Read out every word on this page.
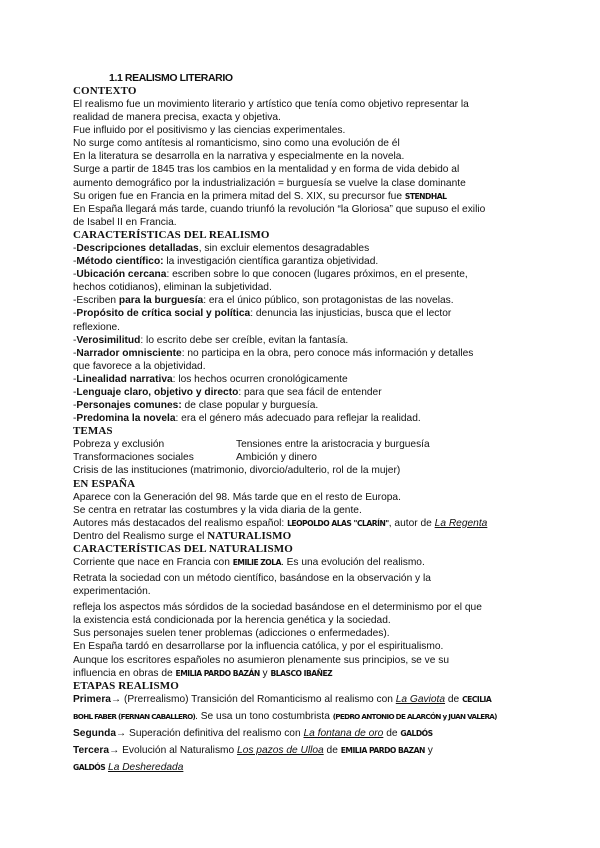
1.1 REALISMO LITERARIO
CONTEXTO

El realismo fue un movimiento literario y artístico que tenía como objetivo representar la

realidad de manera precisa, exacta y objetiva.

Fue influido por el positivismo y las ciencias experimentales.

No surge como antítesis al romanticismo, sino como una evolución de él

En la literatura se desarrolla en la narrativa y especialmente en la novela.

Surge a partir de 1845 tras los cambios en la mentalidad y en forma de vida debido al

aumento demográfico por la industrialización = burguesía se vuelve la clase dominante

Su origen fue en Francia en la primera mitad del S. XIX, su precursor fue STENDHAL

En España llegará más tarde, cuando triunfó la revolución “la Gloriosa” que supuso el exilio

de Isabel II en Francia.

CARACTERÍSTICAS DEL REALISMO

-Descripciones detalladas, sin excluir elementos desagradables

-Método científico: la investigación científica garantiza objetividad.

-Ubicación cercana: escriben sobre lo que conocen (lugares próximos, en el presente,

hechos cotidianos), eliminan la subjetividad.

-Escriben para la burguesía: era el único público, son protagonistas de las novelas.

-Propósito de crítica social y política: denuncia las injusticias, busca que el lector

reflexione.

-Verosimilitud: lo escrito debe ser creíble, evitan la fantasía.

-Narrador omnisciente: no participa en la obra, pero conoce más información y detalles

que favorece a la objetividad.

-Linealidad narrativa: los hechos ocurren cronológicamente

-Lenguaje claro, objetivo y directo: para que sea fácil de entender

-Personajes comunes: de clase popular y burguesía.

-Predomina la novela: era el género más adecuado para reflejar la realidad.

TEMAS
Pobreza y exclusión	Tensiones entre la aristocracia y burguesía
Transformaciones sociales	Ambición y dinero

Crisis de las instituciones (matrimonio, divorcio/adulterio, rol de la mujer)

EN ESPAÑA

Aparece con la Generación del 98. Más tarde que en el resto de Europa.

Se centra en retratar las costumbres y la vida diaria de la gente.

Autores más destacados del realismo español: LEOPOLDO ALAS "CLARÍN", autor de La Regenta

Dentro del Realismo surge el NATURALISMO

CARACTERÍSTICAS DEL NATURALISMO

Corriente que nace en Francia con EMILIE ZOLA. Es una evolución del realismo.

Retrata la sociedad con un método científico, basándose en la observación y la

experimentación.

refleja los aspectos más sórdidos de la sociedad basándose en el determinismo por el que

la existencia está condicionada por la herencia genética y la sociedad.

Sus personajes suelen tener problemas (adicciones o enfermedades).

En España tardó en desarrollarse por la influencia católica, y por el espiritualismo.

Aunque los escritores españoles no asumieron plenamente sus principios, se ve su

influencia en obras de EMILIA PARDO BAZÁN y BLASCO IBAÑEZ

ETAPAS REALISMO

Primera→ (Prerrealismo) Transición del Romanticismo al realismo con La Gaviota de CECILIA

BOHL FABER (FERNAN CABALLERO). Se usa un tono costumbrista (PEDRO ANTONIO DE ALARCÓN y JUAN VALERA)

Segunda→ Superación definitiva del realismo con La fontana de oro de GALDÓS

Tercera→ Evolución al Naturalismo Los pazos de Ulloa de EMILIA PARDO BAZAN y

GALDÓS La Desheredada
